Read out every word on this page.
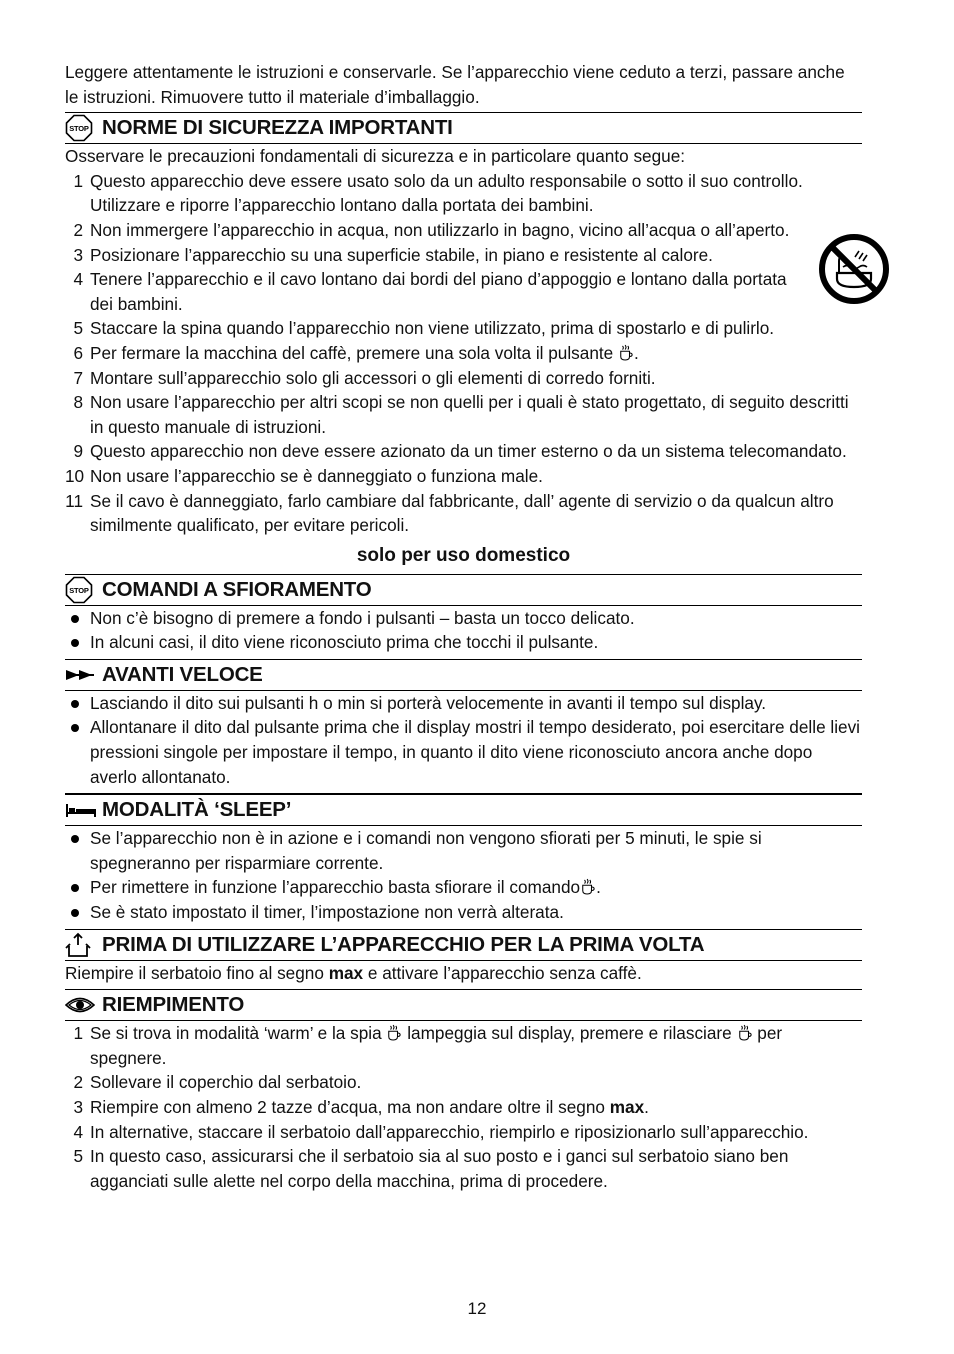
Leggere attentamente le istruzioni e conservarle. Se l’apparecchio viene ceduto a terzi, passare anche le istruzioni. Rimuovere tutto il materiale d’imballaggio.

NORME DI SICUREZZA IMPORTANTI

Osservare le precauzioni fondamentali di sicurezza e in particolare quanto segue:

1 Questo apparecchio deve essere usato solo da un adulto responsabile o sotto il suo controllo. Utilizzare e riporre l’apparecchio lontano dalla portata dei bambini.
2 Non immergere l’apparecchio in acqua, non utilizzarlo in bagno, vicino all’acqua o all’aperto.
3 Posizionare l’apparecchio su una superficie stabile, in piano e resistente al calore.
4 Tenere l’apparecchio e il cavo lontano dai bordi del piano d’appoggio e lontano dalla portata dei bambini.
5 Staccare la spina quando l’apparecchio non viene utilizzato, prima di spostarlo e di pulirlo.
6 Per fermare la macchina del caffè, premere una sola volta il pulsante .
7 Montare sull’apparecchio solo gli accessori o gli elementi di corredo forniti.
8 Non usare l’apparecchio per altri scopi se non quelli per i quali è stato progettato, di seguito descritti in questo manuale di istruzioni.
9 Questo apparecchio non deve essere azionato da un timer esterno o da un sistema telecomandato.
10 Non usare l’apparecchio se è danneggiato o funziona male.
11 Se il cavo è danneggiato, farlo cambiare dal fabbricante, dall’ agente di servizio o da qualcun altro similmente qualificato, per evitare pericoli.

solo per uso domestico

COMANDI A SFIORAMENTO
Non c’è bisogno di premere a fondo i pulsanti – basta un tocco delicato.
In alcuni casi, il dito viene riconosciuto prima che tocchi il pulsante.
AVANTI VELOCE
Lasciando il dito sui pulsanti h o min si porterà velocemente in avanti il tempo sul display.
Allontanare il dito dal pulsante prima che il display mostri il tempo desiderato, poi esercitare delle lievi pressioni singole per impostare il tempo, in quanto il dito viene riconosciuto ancora anche dopo averlo allontanato.
MODALITÀ ‘SLEEP’
Se l’apparecchio non è in azione e i comandi non vengono sfiorati per 5 minuti, le spie si spegneranno per risparmiare corrente.
Per rimettere in funzione l’apparecchio basta sfiorare il comando .
Se è stato impostato il timer, l’impostazione non verrà alterata.
PRIMA DI UTILIZZARE L’APPARECCHIO PER LA PRIMA VOLTA

Riempire il serbatoio fino al segno max e attivare l’apparecchio senza caffè.

RIEMPIMENTO
1 Se si trova in modalità ‘warm’ e la spia lampeggia sul display, premere e rilasciare per spegnere.
2 Sollevare il coperchio dal serbatoio.
3 Riempire con almeno 2 tazze d’acqua, ma non andare oltre il segno max.
4 In alternative, staccare il serbatoio dall’apparecchio, riempirlo e riposizionarlo sull’apparecchio.
5 In questo caso, assicurarsi che il serbatoio sia al suo posto e i ganci sul serbatoio siano ben agganciati sulle alette nel corpo della macchina, prima di procedere.
12
